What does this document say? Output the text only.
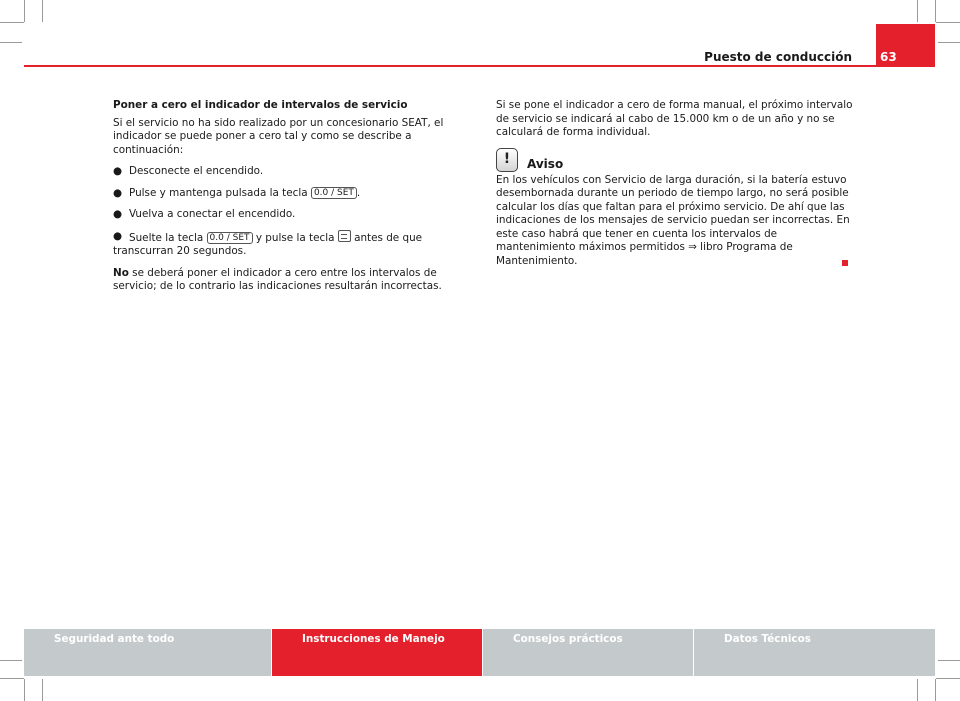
Puesto de conducción 63

Poner a cero el indicador de intervalos de servicio

Si el servicio no ha sido realizado por un concesionario SEAT, el indicador se puede poner a cero tal y como se describe a continuación:

● Desconecte el encendido.

● Pulse y mantenga pulsada la tecla 0.0 / SET .

● Vuelva a conectar el encendido.

● Suelte la tecla 0.0 / SET y pulse la tecla antes de que transcurran 20 segundos.

No se deberá poner el indicador a cero entre los intervalos de servicio; de lo contrario las indicaciones resultarán incorrectas.

Si se pone el indicador a cero de forma manual, el próximo intervalo de servicio se indicará al cabo de 15.000 km o de un año y no se calculará de forma individual.

!	Aviso

En los vehículos con Servicio de larga duración, si la batería estuvo desembornada durante un periodo de tiempo largo, no será posible calcular los días que faltan para el próximo servicio. De ahí que las indicaciones de los mensajes de servicio puedan ser incorrectas. En este caso habrá que tener en cuenta los intervalos de mantenimiento máximos permitidos ⇒ libro Programa de Mantenimiento.

Seguridad ante todo	Instrucciones de Manejo	Consejos prácticos	Datos Técnicos
